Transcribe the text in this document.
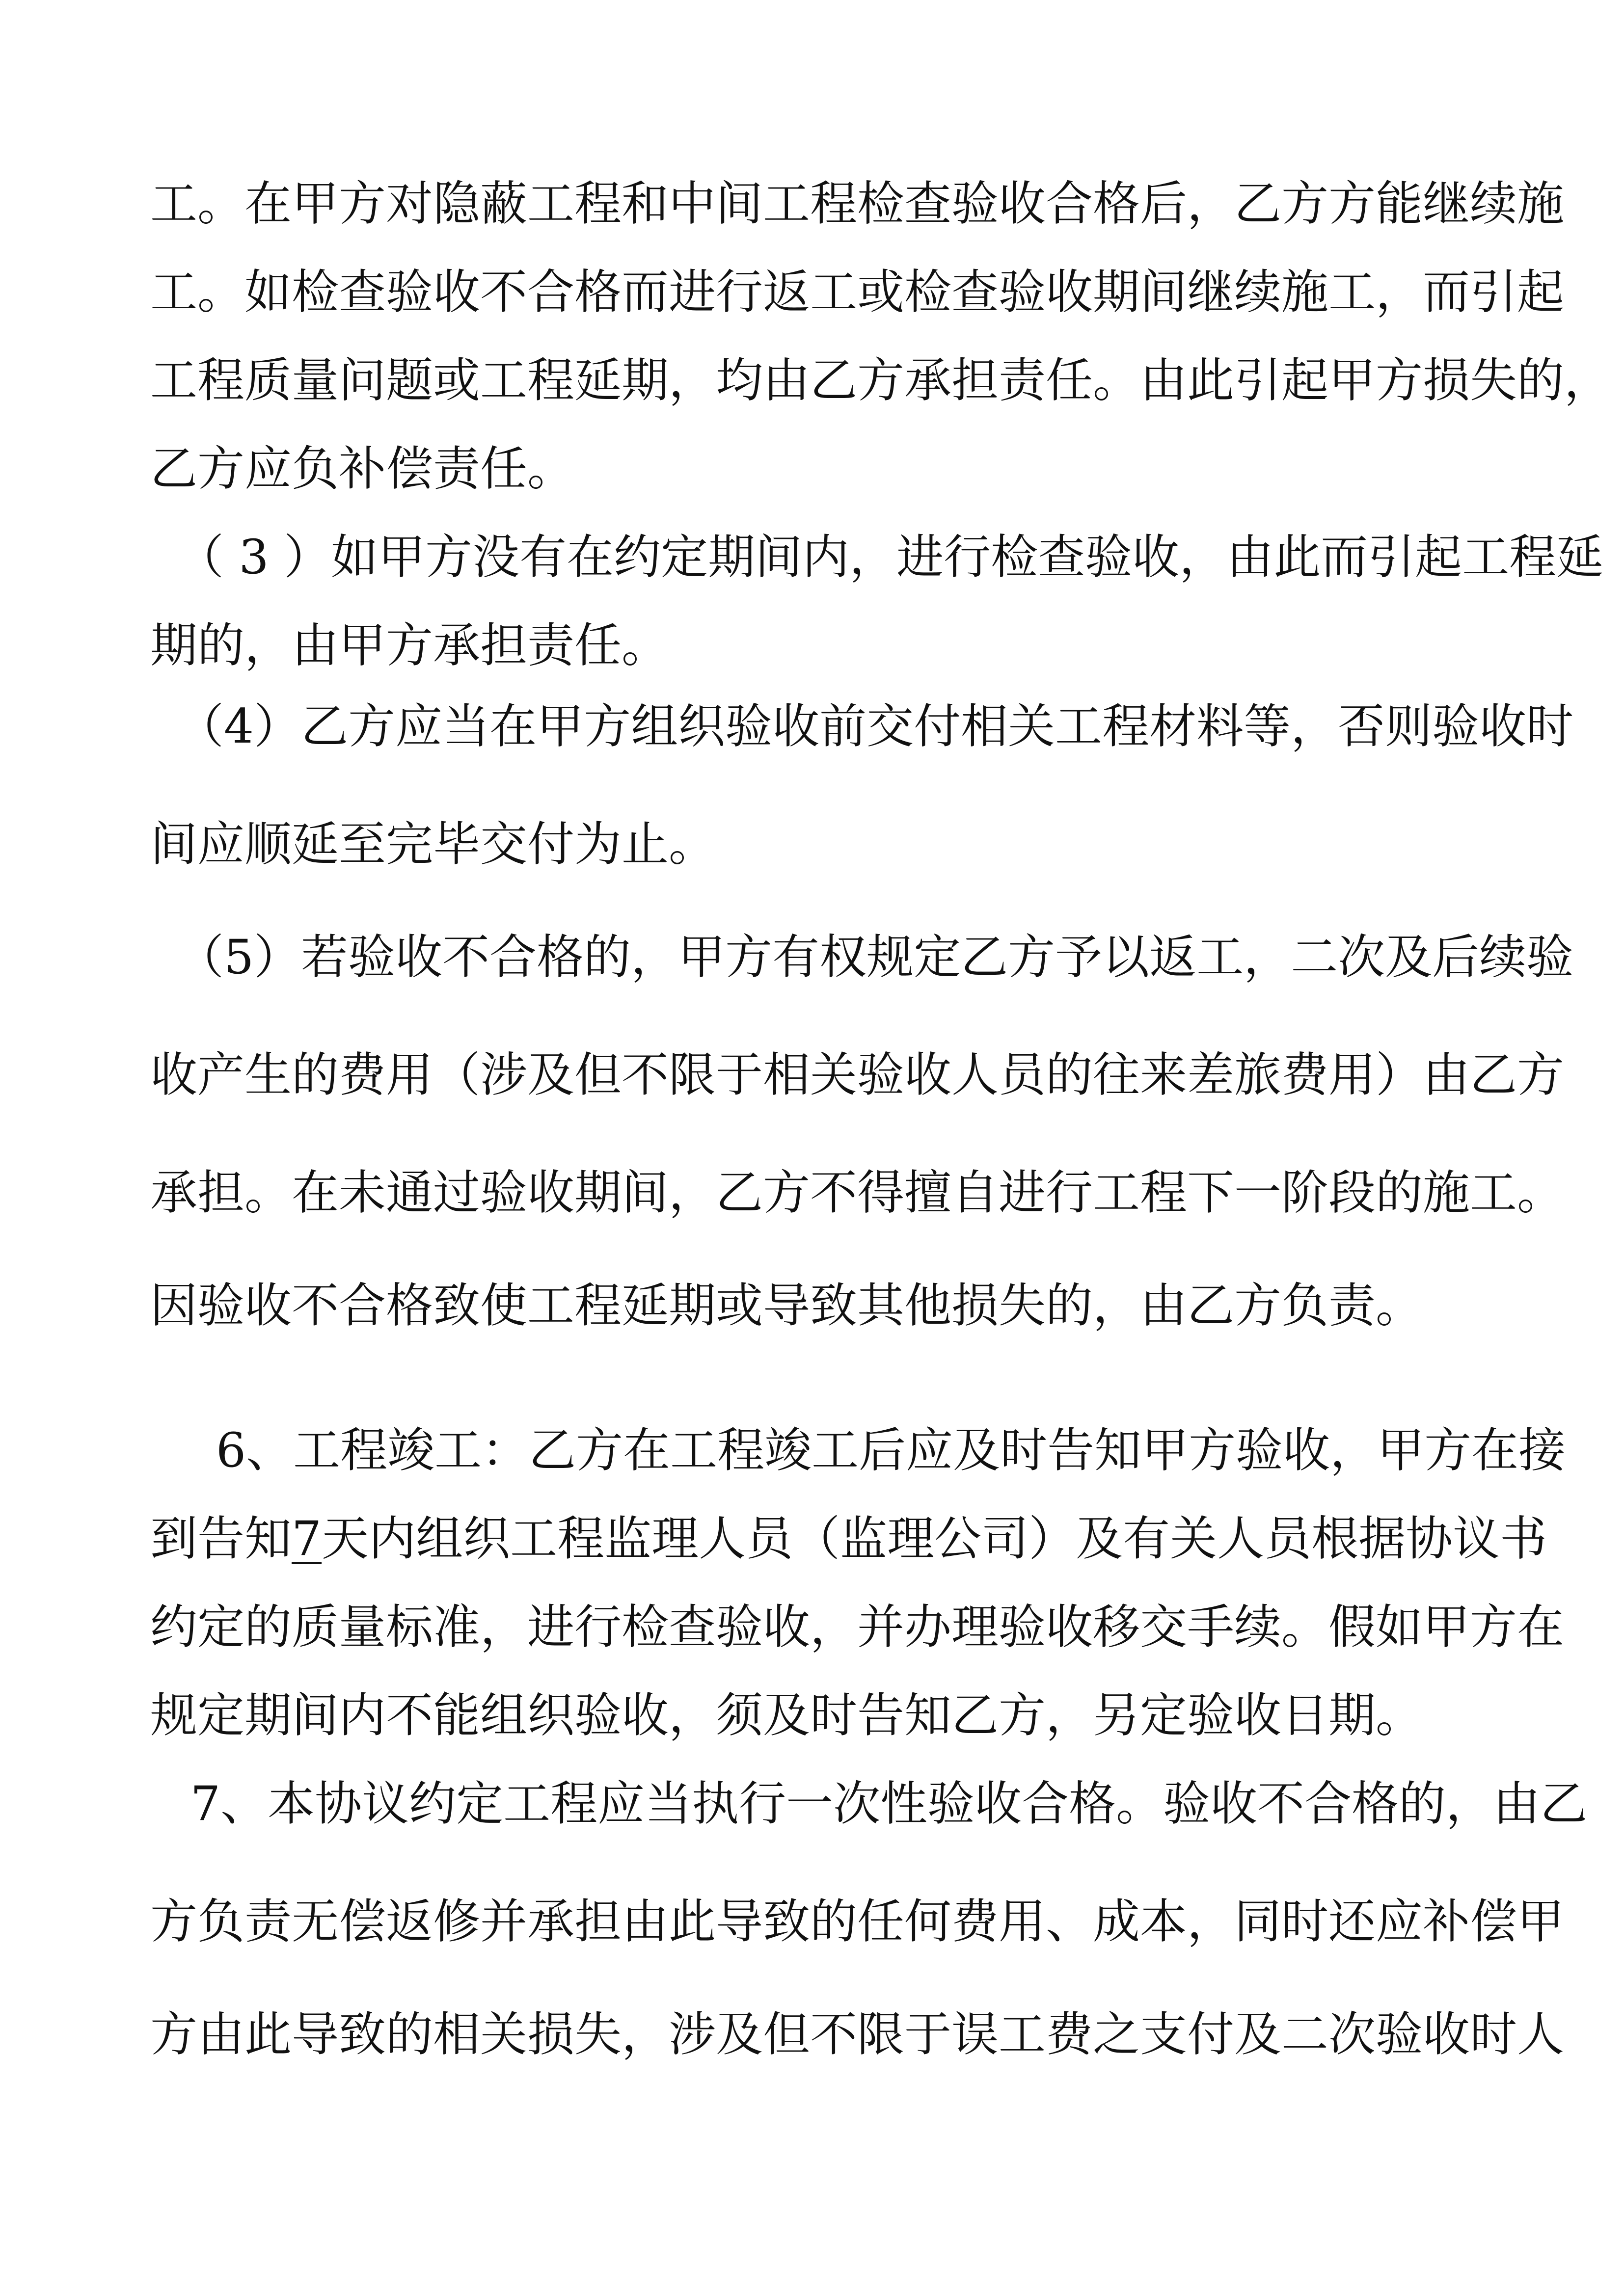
工。在甲方对隐蔽工程和中间工程检查验收合格后，乙方方能继续施
工。如检查验收不合格而进行返工或检查验收期间继续施工，而引起
工程质量问题或工程延期，均由乙方承担责任。由此引起甲方损失的，
乙方应负补偿责任。
（ 3 ）如甲方没有在约定期间内，进行检查验收，由此而引起工程延
期的，由甲方承担责任。
（4）乙方应当在甲方组织验收前交付相关工程材料等，否则验收时
间应顺延至完毕交付为止。
（5）若验收不合格的，甲方有权规定乙方予以返工，二次及后续验
收产生的费用（涉及但不限于相关验收人员的往来差旅费用）由乙方
承担。在未通过验收期间，乙方不得擅自进行工程下一阶段的施工。
因验收不合格致使工程延期或导致其他损失的，由乙方负责。
6、工程竣工：乙方在工程竣工后应及时告知甲方验收，甲方在接
到告知7天内组织工程监理人员（监理公司）及有关人员根据协议书
约定的质量标准，进行检查验收，并办理验收移交手续。假如甲方在
规定期间内不能组织验收，须及时告知乙方，另定验收日期。
7、本协议约定工程应当执行一次性验收合格。验收不合格的，由乙
方负责无偿返修并承担由此导致的任何费用、成本，同时还应补偿甲
方由此导致的相关损失，涉及但不限于误工费之支付及二次验收时人
